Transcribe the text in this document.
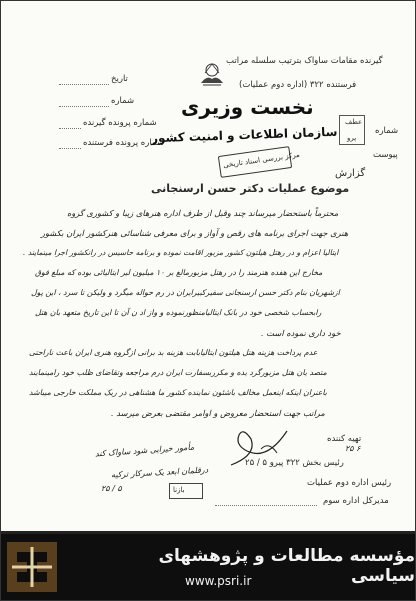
تاریخ
شماره
شماره پرونده گیرنده
شماره پرونده فرستنده
نخست وزیری
سازمان اطلاعات و امنیت کشور
مرکز بررسی اسناد تاریخی
گیرنده مقامات ساواک بترتیب سلسله مراتب
فرستنده ۳۲۲ (اداره دوم عملیات)
شماره
پیوست
عطف
پرو
گزارش
موضوع عملیات دکتر حسن ارسنجانی
محترماً باستحضار میرساند چند وقبل از طرف اداره هنرهای زیبا و کشوری گروه
هنری جهت اجرای برنامه های رقص و آواز و برای معرفی شناسائی هنرکشور ایران بکشور
ایتالیا اعزام و در رهتل هیلتون کشور مزبور اقامت نموده و برنامه حاسیس در رانکشور اجرا مینمایند .
مخارج این هفده هنرمند را در رهتل مزبورمالغ بر ۱۰ میلیون لیر ایتالیائی بوده که مبلغ فوق
ازشهریان بنام دکتر حسن ارسنجانی سفیرکبیرایران در رم حواله میگرد و ولیکن تا سرد ، این پول
رابحساب شخصی خود در بانک ایتالیامنظورنموده و واز اد ن آن تا این تاریخ متعهد بان هتل
خود داری نموده است .
عدم پرداخت هزینه هتل هیلتون ایتالیابابت هزینه بد برانی ازگروه هنری ایران باعث ناراحتی
متصد یان هتل مزبورگرد یده و مکرربسفارت ایران درم مراجعه وتقاضای ظلب خود رامینمایند
باعنران اینکه اینعمل مخالف باشئون نماینده کشور ما هشناهی در ریک مملکت خارجی میباشد
مراتب جهت استحضار معروض و اوامر مقتضی بعرض میرسد .
تهیه کننده
۲۵ ۶
رئیس بخش ۳۲۲ پیرو ۵ / ۲۵
رئیس اداره دوم عملیات
مدیرکل اداره سوم
مأمور خیرایی شود ساواک کند
درقلمان ابعد یک سرکار ترکیه
۲۵ / ۵	بازنا
مؤسسه مطالعات و پژوهشهای سیاسی
www.psri.ir
